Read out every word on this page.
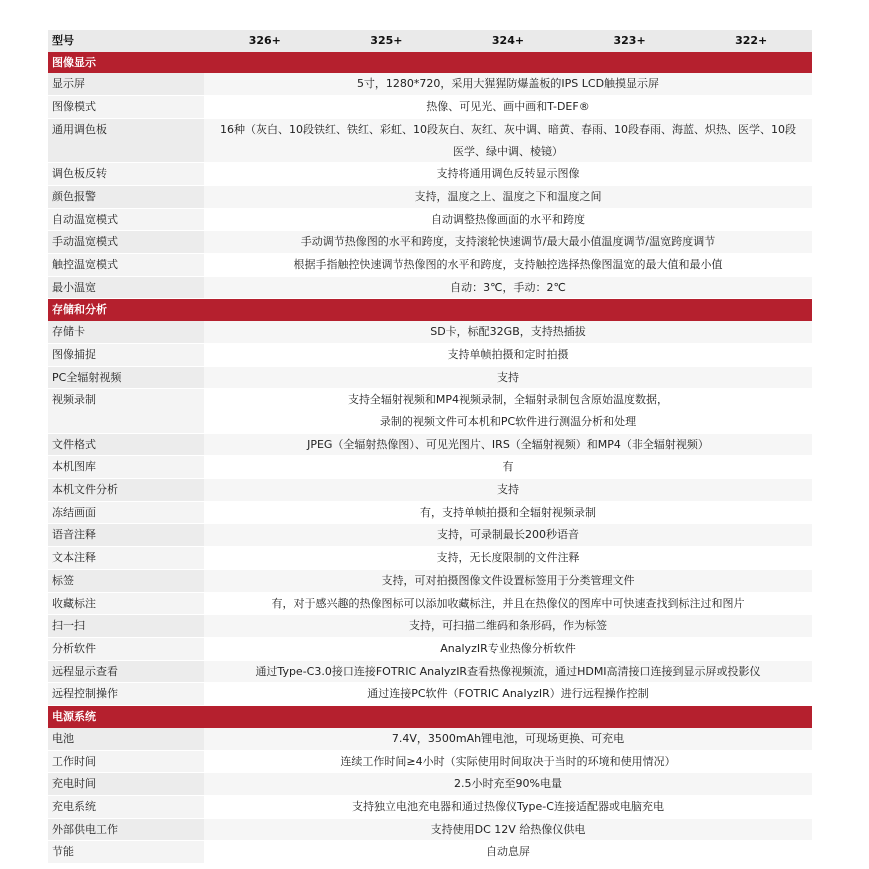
型号	326+	325+	324+	323+	322+
图像显示					
显示屏	5寸，1280*720，采用大猩猩防爆盖板的IPS LCD触摸显示屏				

图像模式	热像、可见光、画中画和T-DEF®				

通用调色板	16种（灰白、10段铁红、铁红、彩虹、10段灰白、灰红、灰中调、暗黄、春雨、10段春雨、海蓝、炽热、医学、10段
医学、绿中调、棱镜）				

调色板反转	支持将通用调色反转显示图像				

颜色报警	支持，温度之上、温度之下和温度之间				

自动温宽模式	自动调整热像画面的水平和跨度				

手动温宽模式	手动调节热像图的水平和跨度，支持滚轮快速调节/最大最小值温度调节/温宽跨度调节				

触控温宽模式	根据手指触控快速调节热像图的水平和跨度，支持触控选择热像图温宽的最大值和最小值				

最小温宽	自动：3℃，手动：2℃				

存储和分析					
存储卡	SD卡，标配32GB，支持热插拔				

图像捕捉	支持单帧拍摄和定时拍摄				

PC全辐射视频	支持				

视频录制	支持全辐射视频和MP4视频录制，全辐射录制包含原始温度数据，
录制的视频文件可本机和PC软件进行测温分析和处理				

文件格式	JPEG（全辐射热像图）、可见光图片、IRS（全辐射视频）和MP4（非全辐射视频）				

本机图库	有				

本机文件分析	支持				

冻结画面	有，支持单帧拍摄和全辐射视频录制				

语音注释	支持，可录制最长200秒语音				

文本注释	支持，无长度限制的文件注释				

标签	支持，可对拍摄图像文件设置标签用于分类管理文件				

收藏标注	有，对于感兴趣的热像图标可以添加收藏标注，并且在热像仪的图库中可快速查找到标注过和图片				

扫一扫	支持，可扫描二维码和条形码，作为标签				

分析软件	AnalyzIR专业热像分析软件				

远程显示查看	通过Type-C3.0接口连接FOTRIC AnalyzIR查看热像视频流，通过HDMI高清接口连接到显示屏或投影仪				

远程控制操作	通过连接PC软件（FOTRIC AnalyzIR）进行远程操作控制				

电源系统					
电池	7.4V，3500mAh锂电池，可现场更换、可充电				

工作时间	连续工作时间≥4小时（实际使用时间取决于当时的环境和使用情况）				

充电时间	2.5小时充至90%电量				

充电系统	支持独立电池充电器和通过热像仪Type-C连接适配器或电脑充电				

外部供电工作	支持使用DC 12V 给热像仪供电				

节能	自动息屏				
